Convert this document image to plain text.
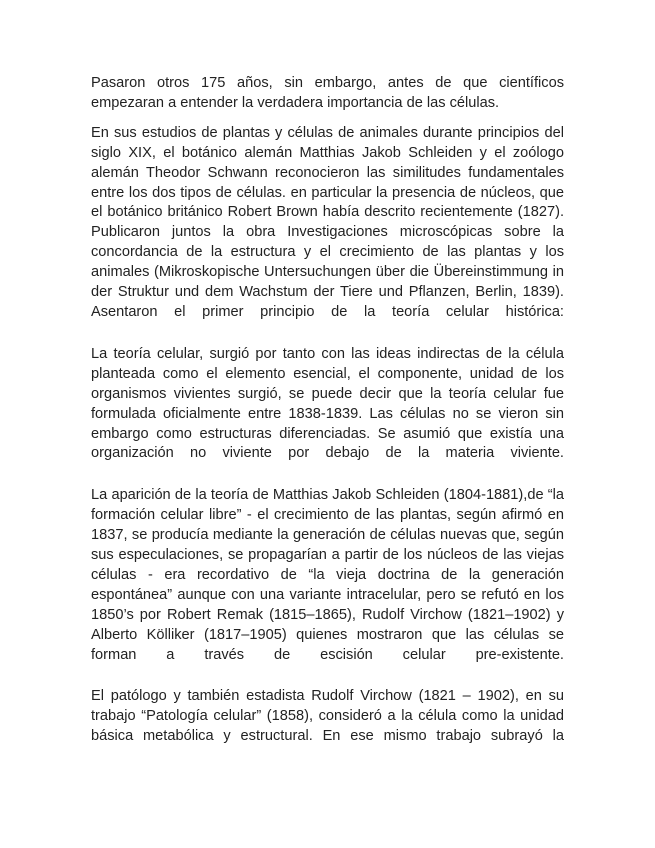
Pasaron otros 175 años, sin embargo, antes de que científicos empezaran a entender la verdadera importancia de las células.

En sus estudios de plantas y células de animales durante principios del siglo XIX, el botánico alemán Matthias Jakob Schleiden y el zoólogo alemán Theodor Schwann reconocieron las similitudes fundamentales entre los dos tipos de células. en particular la presencia de núcleos, que el botánico británico Robert Brown había descrito recientemente (1827). Publicaron juntos la obra Investigaciones microscópicas sobre la concordancia de la estructura y el crecimiento de las plantas y los animales (Mikroskopische Untersuchungen über die Übereinstimmung in der Struktur und dem Wachstum der Tiere und Pflanzen, Berlin, 1839). Asentaron el primer principio de la teoría celular histórica:

La teoría celular, surgió por tanto con las ideas indirectas de la célula planteada como el elemento esencial, el componente, unidad de los organismos vivientes surgió, se puede decir que la teoría celular fue formulada oficialmente entre 1838-1839. Las células no se vieron sin embargo como estructuras diferenciadas. Se asumió que existía una organización no viviente por debajo de la materia viviente.

La aparición de la teoría de Matthias Jakob Schleiden (1804-1881),de “la formación celular libre” - el crecimiento de las plantas, según afirmó en 1837, se producía mediante la generación de células nuevas que, según sus especulaciones, se propagarían a partir de los núcleos de las viejas células - era recordativo de “la vieja doctrina de la generación espontánea” aunque con una variante intracelular, pero se refutó en los 1850’s por Robert Remak (1815–1865), Rudolf Virchow (1821–1902) y Alberto Kölliker (1817–1905) quienes mostraron que las células se forman a través de escisión celular pre-existente.

El patólogo y también estadista Rudolf Virchow (1821 – 1902), en su trabajo “Patología celular” (1858), consideró a la célula como la unidad básica metabólica y estructural. En ese mismo trabajo subrayó la
